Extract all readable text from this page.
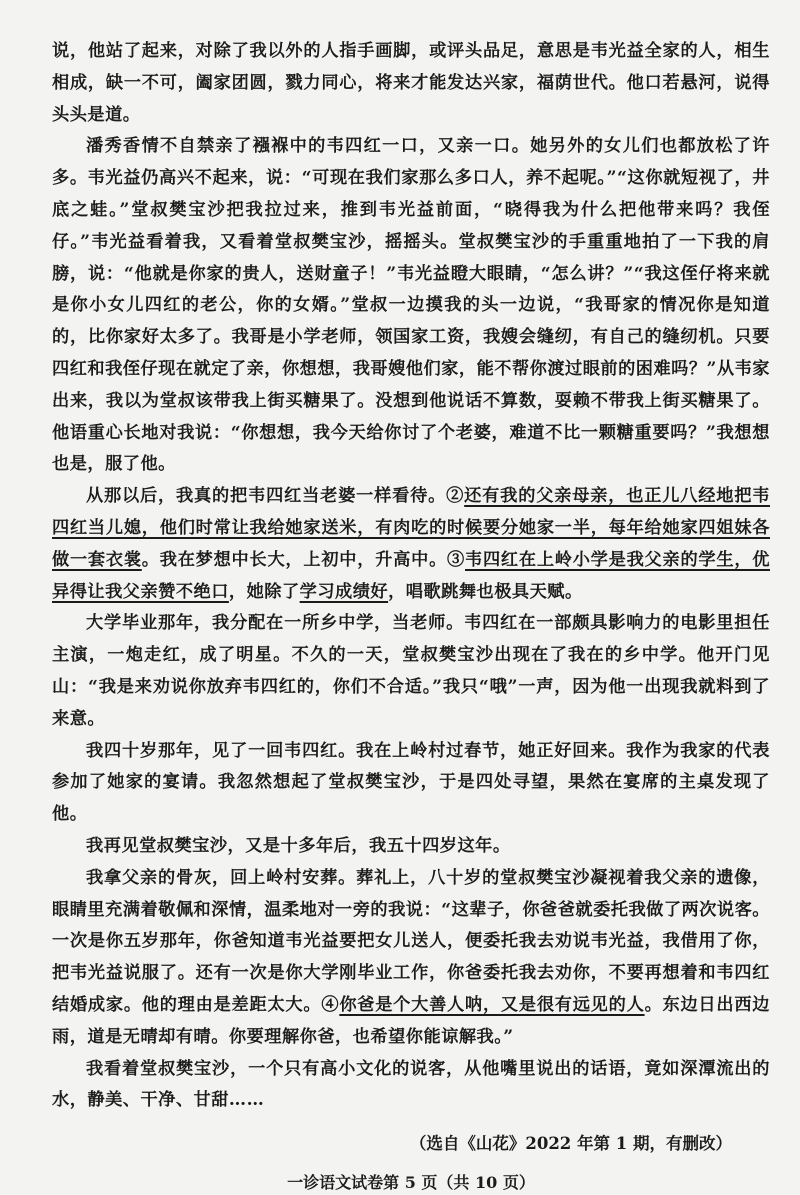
说，他站了起来，对除了我以外的人指手画脚，或评头品足，意思是韦光益全家的人，相生相成，缺一不可，阖家团圆，戮力同心，将来才能发达兴家，福荫世代。他口若悬河，说得头头是道。

潘秀香情不自禁亲了襁褓中的韦四红一口，又亲一口。她另外的女儿们也都放松了许多。韦光益仍高兴不起来，说：“可现在我们家那么多口人，养不起呢。”“这你就短视了，井底之蛙。”堂叔樊宝沙把我拉过来，推到韦光益前面，“晓得我为什么把他带来吗？我侄仔。”韦光益看着我，又看着堂叔樊宝沙，摇摇头。堂叔樊宝沙的手重重地拍了一下我的肩膀，说：“他就是你家的贵人，送财童子！”韦光益瞪大眼睛，“怎么讲？”“我这侄仔将来就是你小女儿四红的老公，你的女婿。”堂叔一边摸我的头一边说，“我哥家的情况你是知道的，比你家好太多了。我哥是小学老师，领国家工资，我嫂会缝纫，有自己的缝纫机。只要四红和我侄仔现在就定了亲，你想想，我哥嫂他们家，能不帮你渡过眼前的困难吗？”从韦家出来，我以为堂叔该带我上街买糖果了。没想到他说话不算数，耍赖不带我上街买糖果了。他语重心长地对我说：“你想想，我今天给你讨了个老婆，难道不比一颗糖重要吗？”我想想也是，服了他。

从那以后，我真的把韦四红当老婆一样看待。②还有我的父亲母亲，也正儿八经地把韦四红当儿媳，他们时常让我给她家送米，有肉吃的时候要分她家一半，每年给她家四姐妹各做一套衣裳。我在梦想中长大，上初中，升高中。③韦四红在上岭小学是我父亲的学生，优异得让我父亲赞不绝口，她除了学习成绩好，唱歌跳舞也极具天赋。

大学毕业那年，我分配在一所乡中学，当老师。韦四红在一部颇具影响力的电影里担任主演，一炮走红，成了明星。不久的一天，堂叔樊宝沙出现在了我在的乡中学。他开门见山：“我是来劝说你放弃韦四红的，你们不合适。”我只“哦”一声，因为他一出现我就料到了来意。

我四十岁那年，见了一回韦四红。我在上岭村过春节，她正好回来。我作为我家的代表参加了她家的宴请。我忽然想起了堂叔樊宝沙，于是四处寻望，果然在宴席的主桌发现了他。

我再见堂叔樊宝沙，又是十多年后，我五十四岁这年。

我拿父亲的骨灰，回上岭村安葬。葬礼上，八十岁的堂叔樊宝沙凝视着我父亲的遗像，眼睛里充满着敬佩和深情，温柔地对一旁的我说：“这辈子，你爸爸就委托我做了两次说客。一次是你五岁那年，你爸知道韦光益要把女儿送人，便委托我去劝说韦光益，我借用了你，把韦光益说服了。还有一次是你大学刚毕业工作，你爸委托我去劝你，不要再想着和韦四红结婚成家。他的理由是差距太大。④你爸是个大善人呐，又是很有远见的人。东边日出西边雨，道是无晴却有晴。你要理解你爸，也希望你能谅解我。”

我看着堂叔樊宝沙，一个只有高小文化的说客，从他嘴里说出的话语，竟如深潭流出的水，静美、干净、甘甜……

（选自《山花》2022 年第 1 期，有删改）
一诊语文试卷第 5 页（共 10 页）
